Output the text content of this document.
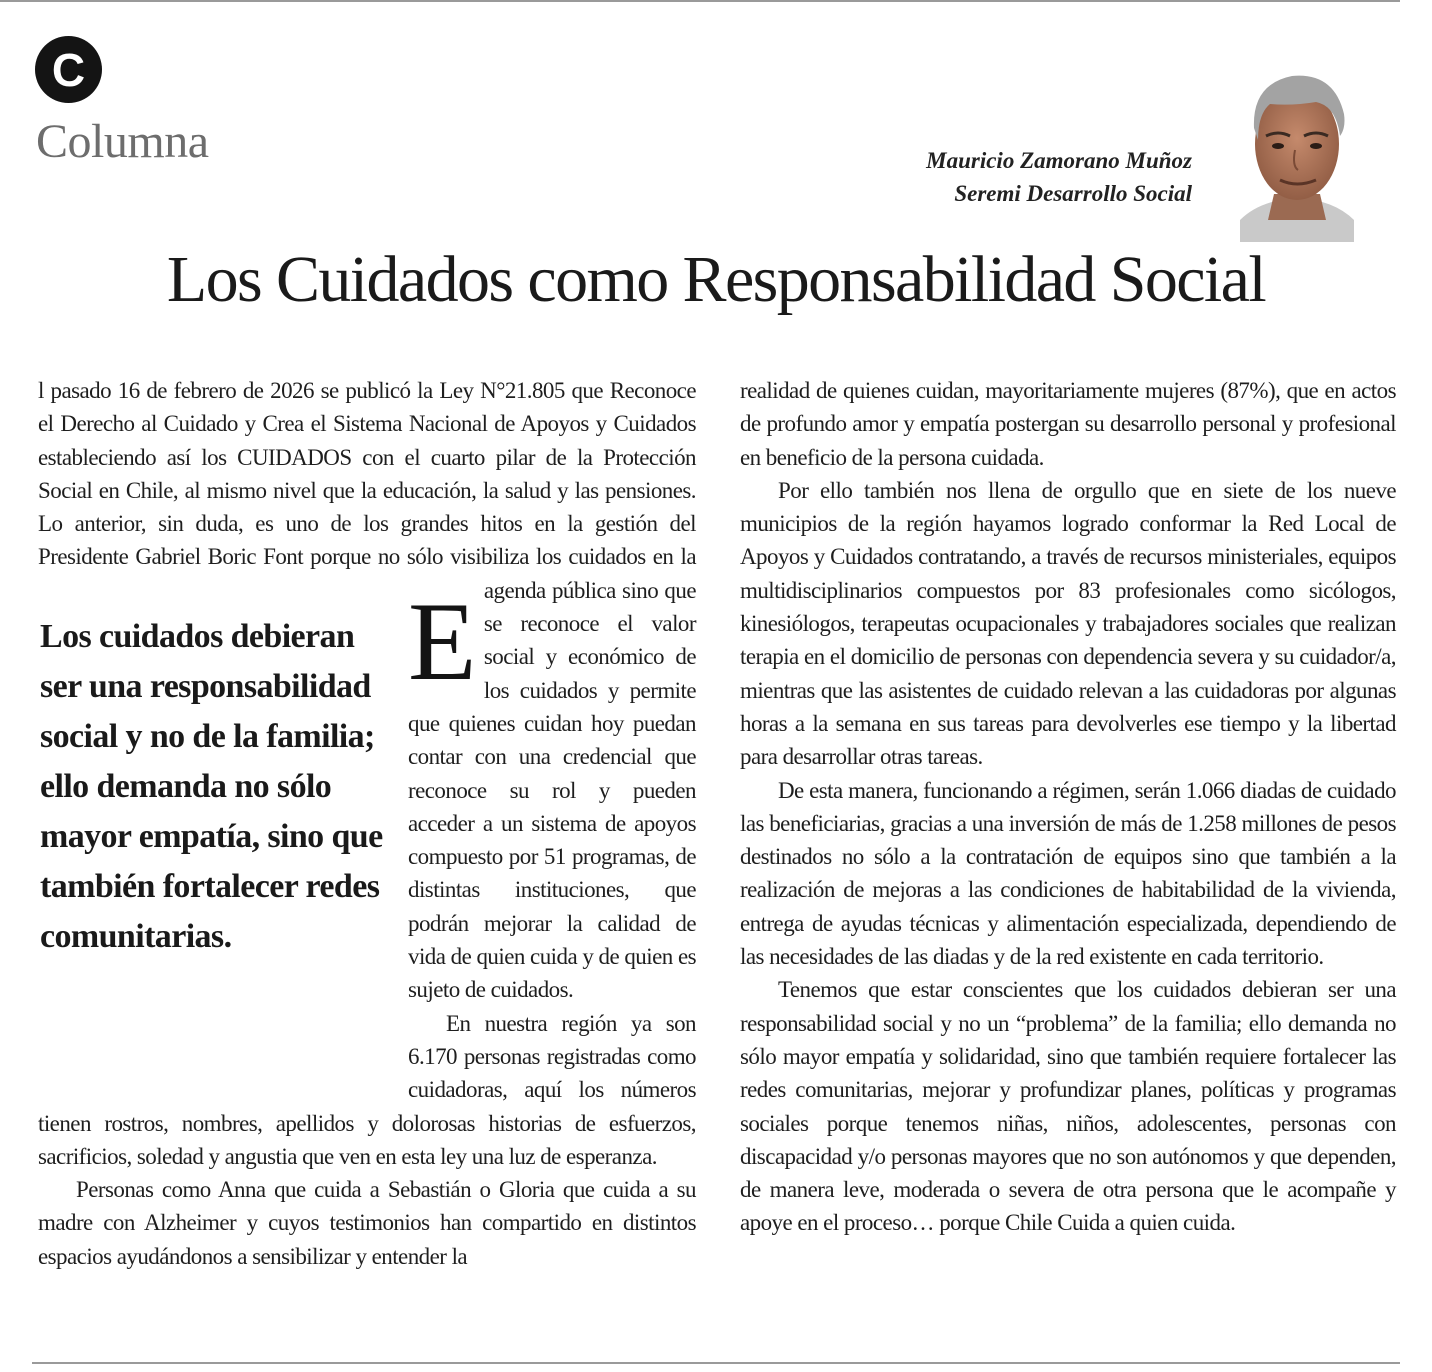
C
Columna	Mauricio Zamorano Muñoz
Seremi Desarrollo Social
Los Cuidados como Responsabilidad Social

E
l pasado 16 de febrero de 2026 se publicó la Ley N°21.805 que Reconoce el Derecho al Cuidado y Crea el Sistema Nacional de Apoyos y Cuidados estableciendo así los CUIDADOS con el cuarto pilar de la Protección Social en Chile, al mismo nivel que la educación, la salud y las pensiones. Lo anterior, sin duda, es uno de los grandes hitos en la gestión del Presidente Gabriel Boric Font porque no sólo visibiliza los cuidados en la agenda pública sino que se reconoce el valor social y económico de los cuidados y permite que quienes cuidan hoy puedan contar con una credencial que reconoce su rol y pueden acceder a un sistema de apoyos compuesto por 51 programas, de distintas instituciones, que podrán mejorar la calidad de vida de quien cuida y de quien es sujeto de cuidados.

En nuestra región ya son 6.170 personas registradas como cuidadoras, aquí los números tienen rostros, nombres, apellidos y dolorosas historias de esfuerzos, sacrificios, soledad y angustia que ven en esta ley una luz de esperanza.

Personas como Anna que cuida a Sebastián o Gloria que cuida a su madre con Alzheimer y cuyos testimonios han compartido en distintos espacios ayudándonos a sensibilizar y entender la

Los cuidados debieran ser una responsabilidad social y no de la familia; ello demanda no sólo mayor empatía, sino que también fortalecer redes comunitarias.

realidad de quienes cuidan, mayoritariamente mujeres (87%), que en actos de profundo amor y empatía postergan su desarrollo personal y profesional en beneficio de la persona cuidada.

Por ello también nos llena de orgullo que en siete de los nueve municipios de la región hayamos logrado conformar la Red Local de Apoyos y Cuidados contratando, a través de recursos ministeriales, equipos multidisciplinarios compuestos por 83 profesionales como sicólogos, kinesiólogos, terapeutas ocupacionales y trabajadores sociales que realizan terapia en el domicilio de personas con dependencia severa y su cuidador/a, mientras que las asistentes de cuidado relevan a las cuidadoras por algunas horas a la semana en sus tareas para devolverles ese tiempo y la libertad para desarrollar otras tareas.

De esta manera, funcionando a régimen, serán 1.066 diadas de cuidado las beneficiarias, gracias a una inversión de más de 1.258 millones de pesos destinados no sólo a la contratación de equipos sino que también a la realización de mejoras a las condiciones de habitabilidad de la vivienda, entrega de ayudas técnicas y alimentación especializada, dependiendo de las necesidades de las diadas y de la red existente en cada territorio.

Tenemos que estar conscientes que los cuidados debieran ser una responsabilidad social y no un “problema” de la familia; ello demanda no sólo mayor empatía y solidaridad, sino que también requiere fortalecer las redes comunitarias, mejorar y profundizar planes, políticas y programas sociales porque tenemos niñas, niños, adolescentes, personas con discapacidad y/o personas mayores que no son autónomos y que dependen, de manera leve, moderada o severa de otra persona que le acompañe y apoye en el proceso… porque Chile Cuida a quien cuida.
